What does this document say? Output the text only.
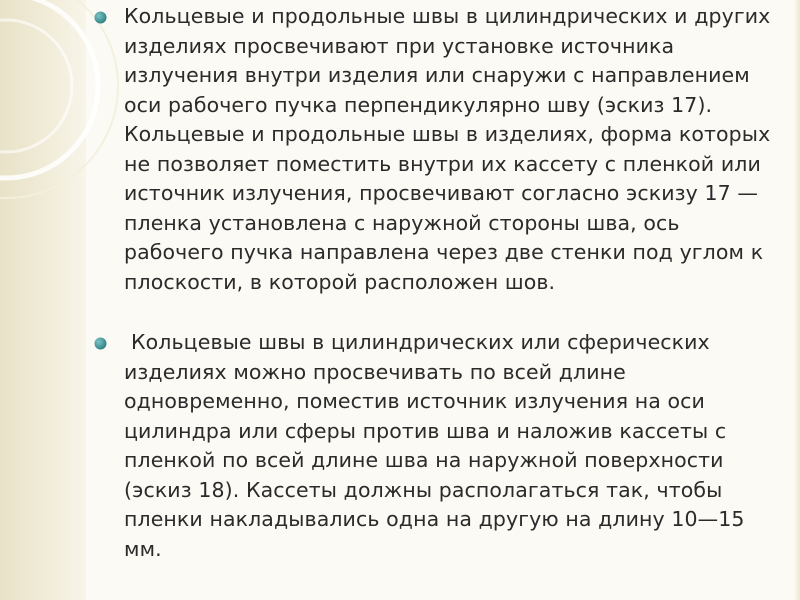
Кольцевые и продольные швы в цилиндрических и других изделиях просвечивают при установке источника излучения внутри изделия или снаружи с направлением оси рабочего пучка перпендикулярно шву (эскиз 17). Кольцевые и продольные швы в изделиях, форма которых не позволяет поместить внутри их кассету с пленкой или источник излучения, просвечивают согласно эскизу 17 — пленка установлена с наружной стороны шва, ось рабочего пучка направлена через две стенки под углом к плоскости, в которой расположен шов.
Кольцевые швы в цилиндрических или сферических изделиях можно просвечивать по всей длине одновременно, поместив источник излучения на оси цилиндра или сферы против шва и наложив кассеты с пленкой по всей длине шва на наружной поверхности (эскиз 18). Кассеты должны располагаться так, чтобы пленки накладывались одна на другую на длину 10—15 мм.
